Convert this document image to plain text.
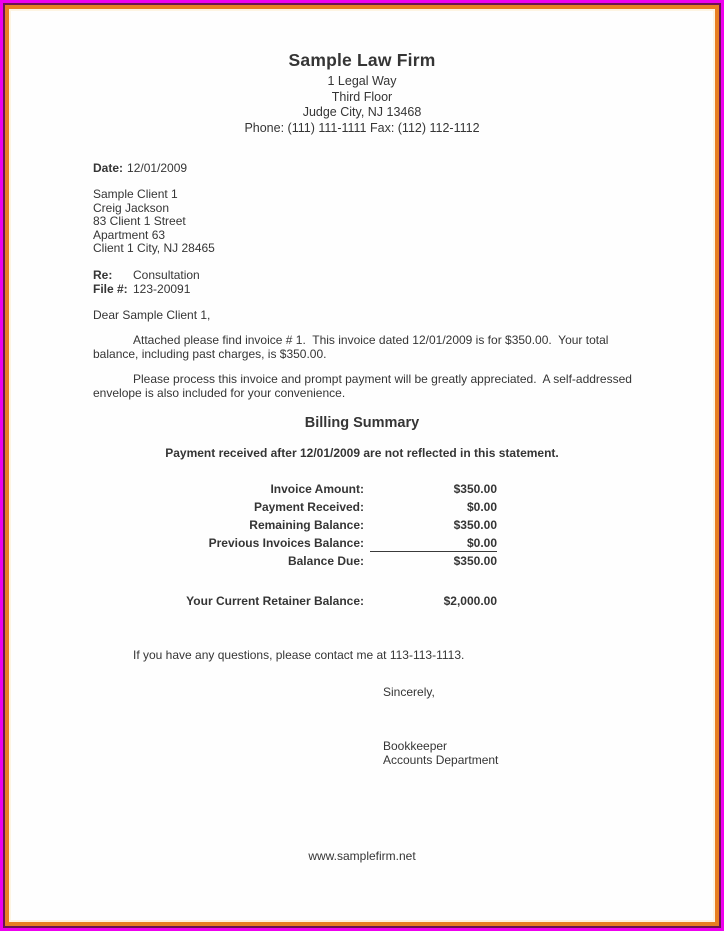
Sample Law Firm
1 Legal Way
Third Floor
Judge City, NJ 13468
Phone: (111) 111-1111 Fax: (112) 112-1112
Date: 12/01/2009
Sample Client 1
Creig Jackson
83 Client 1 Street
Apartment 63
Client 1 City, NJ 28465
Re:	Consultation
File #: 123-20091
Dear Sample Client 1,
Attached please find invoice # 1.  This invoice dated 12/01/2009 is for $350.00.  Your total balance, including past charges, is $350.00.
Please process this invoice and prompt payment will be greatly appreciated.  A self-addressed envelope is also included for your convenience.
Billing Summary
Payment received after 12/01/2009 are not reflected in this statement.
Invoice Amount:	$350.00
Payment Received:	$0.00
Remaining Balance:	$350.00
Previous Invoices Balance:	$0.00
Balance Due:	$350.00
Your Current Retainer Balance:	$2,000.00
If you have any questions, please contact me at 113-113-1113.
Sincerely,
Bookkeeper
Accounts Department
www.samplefirm.net
